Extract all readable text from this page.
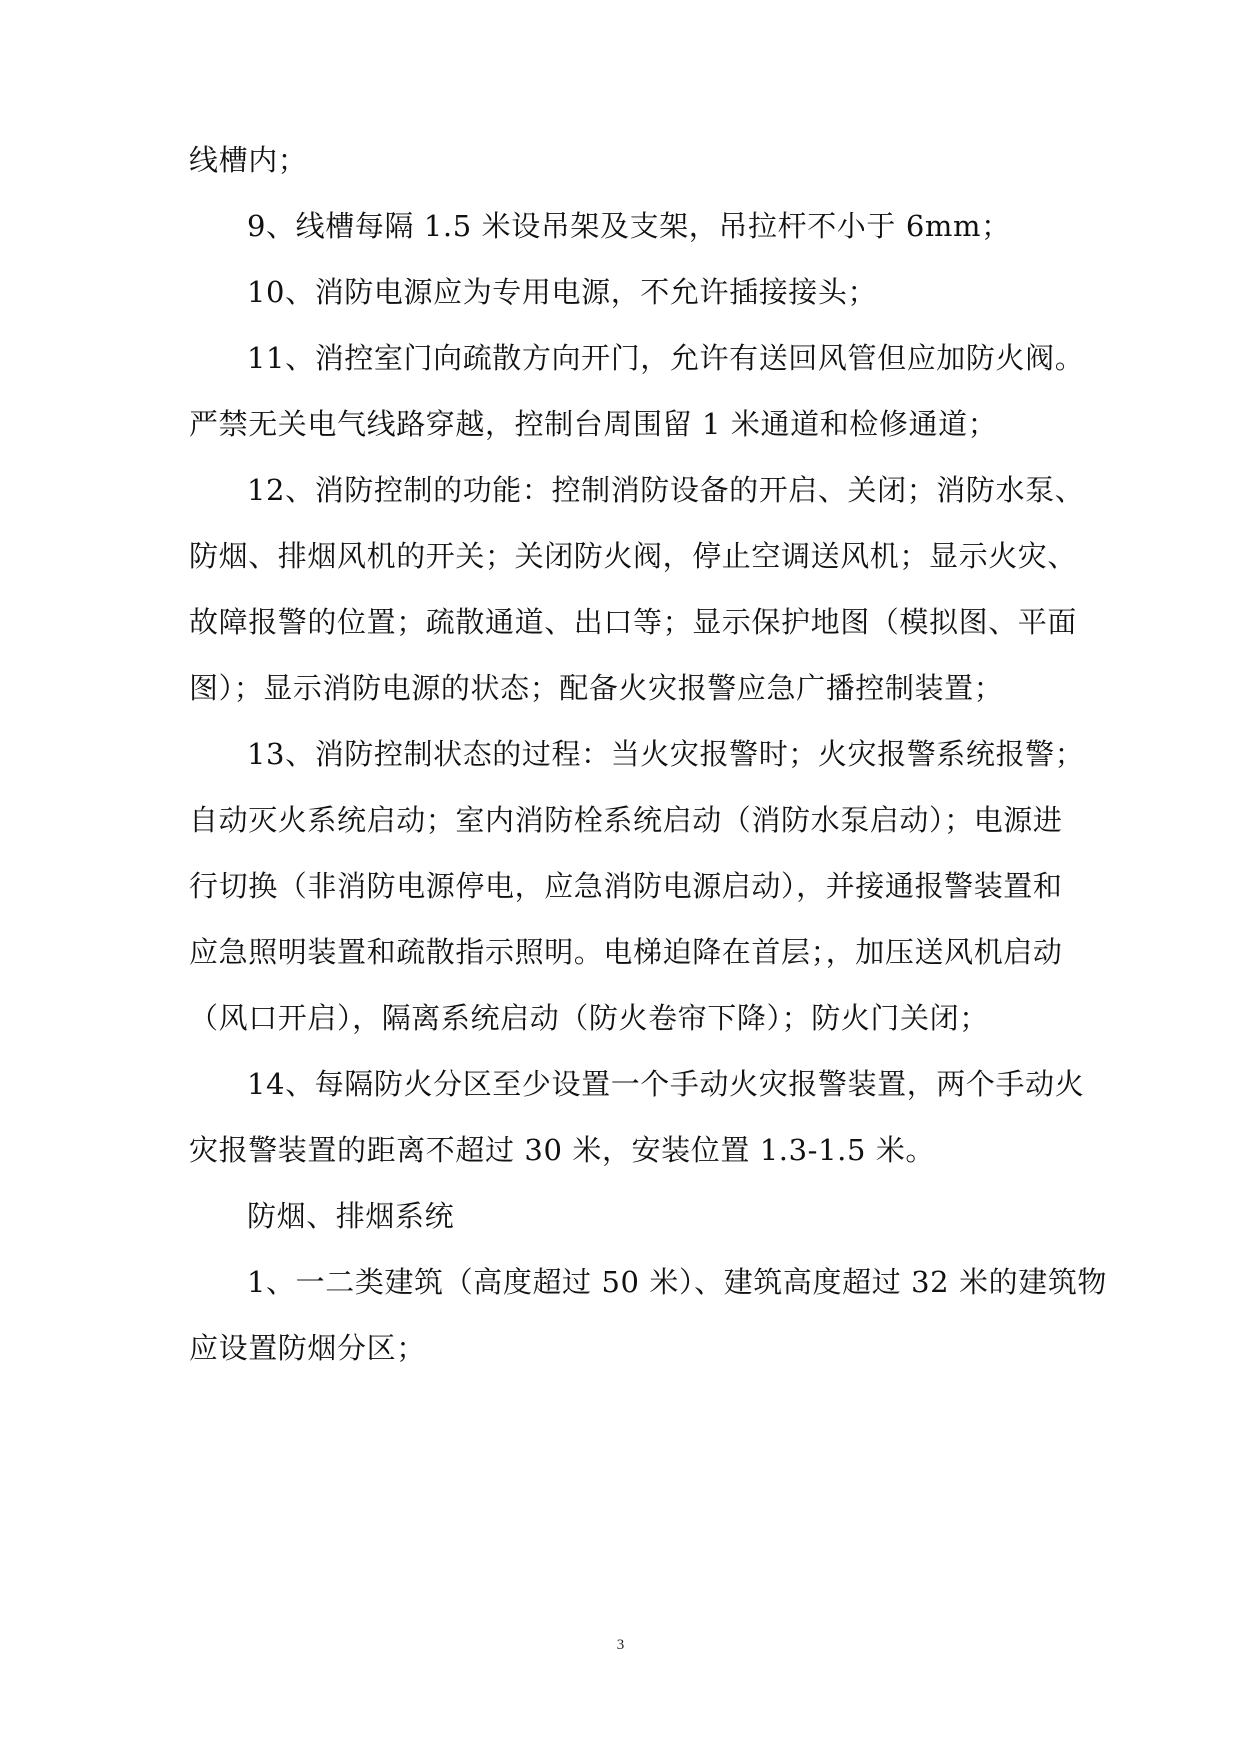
线槽内；
9、线槽每隔 1.5 米设吊架及支架，吊拉杆不小于 6mm；
10、消防电源应为专用电源，不允许插接接头；
11、消控室门向疏散方向开门，允许有送回风管但应加防火阀。
严禁无关电气线路穿越，控制台周围留 1 米通道和检修通道；
12、消防控制的功能：控制消防设备的开启、关闭；消防水泵、
防烟、排烟风机的开关；关闭防火阀，停止空调送风机；显示火灾、
故障报警的位置；疏散通道、出口等；显示保护地图（模拟图、平面
图）；显示消防电源的状态；配备火灾报警应急广播控制装置；
13、消防控制状态的过程：当火灾报警时；火灾报警系统报警；
自动灭火系统启动；室内消防栓系统启动（消防水泵启动）；电源进
行切换（非消防电源停电，应急消防电源启动），并接通报警装置和
应急照明装置和疏散指示照明。电梯迫降在首层；，加压送风机启动
（风口开启），隔离系统启动（防火卷帘下降）；防火门关闭；
14、每隔防火分区至少设置一个手动火灾报警装置，两个手动火
灾报警装置的距离不超过 30 米，安装位置 1.3-1.5 米。
防烟、排烟系统
1、一二类建筑（高度超过 50 米）、建筑高度超过 32 米的建筑物
应设置防烟分区；
3
